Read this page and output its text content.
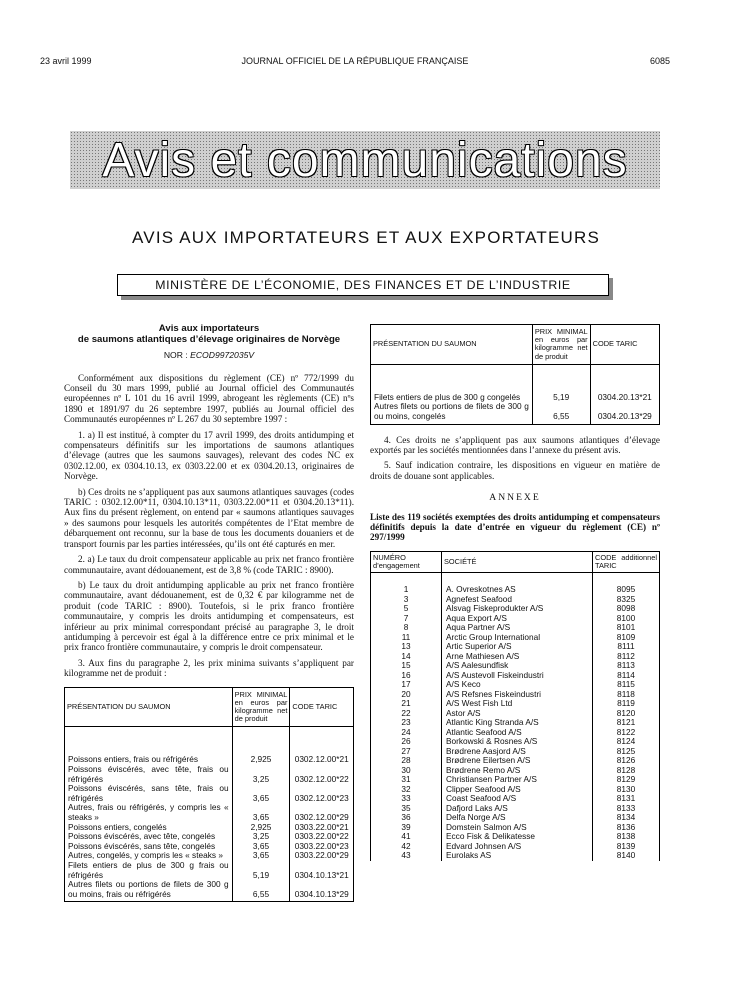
23 avril 1999	JOURNAL OFFICIEL DE LA RÉPUBLIQUE FRANÇAISE	6085
Avis et communications
AVIS AUX IMPORTATEURS ET AUX EXPORTATEURS
MINISTÈRE DE L’ÉCONOMIE, DES FINANCES ET DE L’INDUSTRIE
Avis aux importateurs
de saumons atlantiques d’élevage originaires de Norvège
NOR : ECOD9972035V

Conformément aux dispositions du règlement (CE) nº 772/1999 du Conseil du 30 mars 1999, publié au Journal officiel des Communautés européennes nº L 101 du 16 avril 1999, abrogeant les règlements (CE) nºs 1890 et 1891/97 du 26 septembre 1997, publiés au Journal officiel des Communautés européennes nº L 267 du 30 septembre 1997 :

1. a) Il est institué, à compter du 17 avril 1999, des droits antidumping et compensateurs définitifs sur les importations de saumons atlantiques d’élevage (autres que les saumons sauvages), relevant des codes NC ex 0302.12.00, ex 0304.10.13, ex 0303.22.00 et ex 0304.20.13, originaires de Norvège.

b) Ces droits ne s’appliquent pas aux saumons atlantiques sauvages (codes TARIC : 0302.12.00*11, 0304.10.13*11, 0303.22.00*11 et 0304.20.13*11). Aux fins du présent règlement, on entend par « saumons atlantiques sauvages » des saumons pour lesquels les autorités compétentes de l’Etat membre de débarquement ont reconnu, sur la base de tous les documents douaniers et de transport fournis par les parties intéressées, qu’ils ont été capturés en mer.

2. a) Le taux du droit compensateur applicable au prix net franco frontière communautaire, avant dédouanement, est de 3,8 % (code TARIC : 8900).

b) Le taux du droit antidumping applicable au prix net franco frontière communautaire, avant dédouanement, est de 0,32 € par kilogramme net de produit (code TARIC : 8900). Toutefois, si le prix franco frontière communautaire, y compris les droits antidumping et compensateurs, est inférieur au prix minimal correspondant précisé au paragraphe 3, le droit antidumping à percevoir est égal à la différence entre ce prix minimal et le prix franco frontière communautaire, y compris le droit compensateur.

3. Aux fins du paragraphe 2, les prix minima suivants s’appliquent par kilogramme net de produit :

PRÉSENTATION DU SAUMON	PRIX MINIMAL en euros par kilogramme net de produit	CODE TARIC

Poissons entiers, frais ou réfrigérés	2,925	0302.12.00*21
Poissons éviscérés, avec tête, frais ou réfrigérés	3,25	0302.12.00*22
Poissons éviscérés, sans tête, frais ou réfrigérés	3,65	0302.12.00*23
Autres, frais ou réfrigérés, y compris les « steaks »	3,65	0302.12.00*29
Poissons entiers, congelés	2,925	0303.22.00*21
Poissons éviscérés, avec tête, congelés	3,25	0303.22.00*22
Poissons éviscérés, sans tête, congelés	3,65	0303.22.00*23
Autres, congelés, y compris les « steaks »	3,65	0303.22.00*29
Filets entiers de plus de 300 g frais ou réfrigérés	5,19	0304.10.13*21
Autres filets ou portions de filets de 300 g ou moins, frais ou réfrigérés	6,55	0304.10.13*29
PRÉSENTATION DU SAUMON	PRIX MINIMAL en euros par kilogramme net de produit	CODE TARIC

Filets entiers de plus de 300 g congelés	5,19	0304.20.13*21
Autres filets ou portions de filets de 300 g ou moins, congelés	6,55	0304.20.13*29

4. Ces droits ne s’appliquent pas aux saumons atlantiques d’élevage exportés par les sociétés mentionnées dans l’annexe du présent avis.

5. Sauf indication contraire, les dispositions en vigueur en matière de droits de douane sont applicables.

ANNEXE
Liste des 119 sociétés exemptées des droits antidumping et compensateurs définitifs depuis la date d’entrée en vigueur du règlement (CE) nº 297/1999
NUMÉRO d’engagement	SOCIÉTÉ	CODE additionnel TARIC

1	A. Ovreskotnes AS	8095
3	Agnefest Seafood	8325
5	Alsvag Fiskeprodukter A/S	8098
7	Aqua Export A/S	8100
8	Aqua Partner A/S	8101
11	Arctic Group International	8109
13	Artic Superior A/S	8111
14	Arne Mathiesen A/S	8112
15	A/S Aalesundfisk	8113
16	A/S Austevoll Fiskeindustri	8114
17	A/S Keco	8115
20	A/S Refsnes Fiskeindustri	8118
21	A/S West Fish Ltd	8119
22	Astor A/S	8120
23	Atlantic King Stranda A/S	8121
24	Atlantic Seafood A/S	8122
26	Borkowski & Rosnes A/S	8124
27	Brødrene Aasjord A/S	8125
28	Brødrene Eilertsen A/S	8126
30	Brødrene Remo A/S	8128
31	Christiansen Partner A/S	8129
32	Clipper Seafood A/S	8130
33	Coast Seafood A/S	8131
35	Dafjord Laks A/S	8133
36	Delfa Norge A/S	8134
39	Domstein Salmon A/S	8136
41	Ecco Fisk & Delikatesse	8138
42	Edvard Johnsen A/S	8139
43	Eurolaks AS	8140
